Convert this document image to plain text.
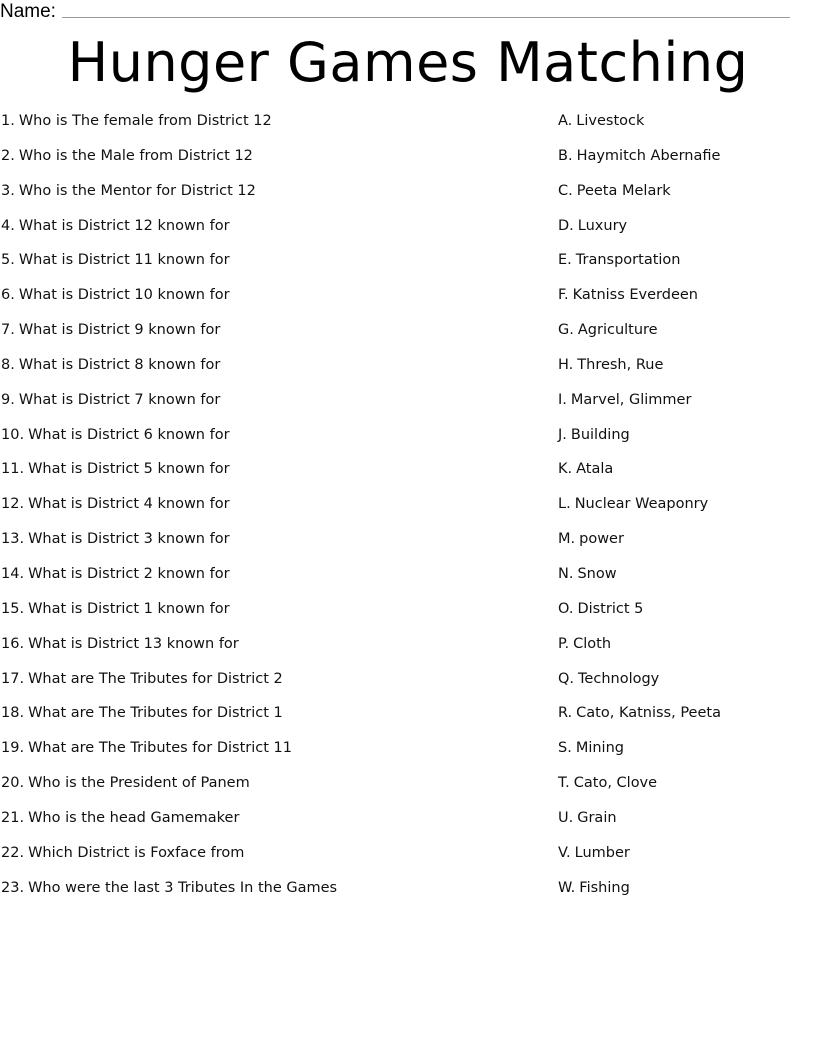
Name:
Hunger Games Matching
1. Who is The female from District 12
2. Who is the Male from District 12
3. Who is the Mentor for District 12
4. What is District 12 known for
5. What is District 11 known for
6. What is District 10 known for
7. What is District 9 known for
8. What is District 8 known for
9. What is District 7 known for
10. What is District 6 known for
11. What is District 5 known for
12. What is District 4 known for
13. What is District 3 known for
14. What is District 2 known for
15. What is District 1 known for
16. What is District 13 known for
17. What are The Tributes for District 2
18. What are The Tributes for District 1
19. What are The Tributes for District 11
20. Who is the President of Panem
21. Who is the head Gamemaker
22. Which District is Foxface from
23. Who were the last 3 Tributes In the Games
A. Livestock
B. Haymitch Abernafie
C. Peeta Melark
D. Luxury
E. Transportation
F. Katniss Everdeen
G. Agriculture
H. Thresh, Rue
I. Marvel, Glimmer
J. Building
K. Atala
L. Nuclear Weaponry
M. power
N. Snow
O. District 5
P. Cloth
Q. Technology
R. Cato, Katniss, Peeta
S. Mining
T. Cato, Clove
U. Grain
V. Lumber
W. Fishing
